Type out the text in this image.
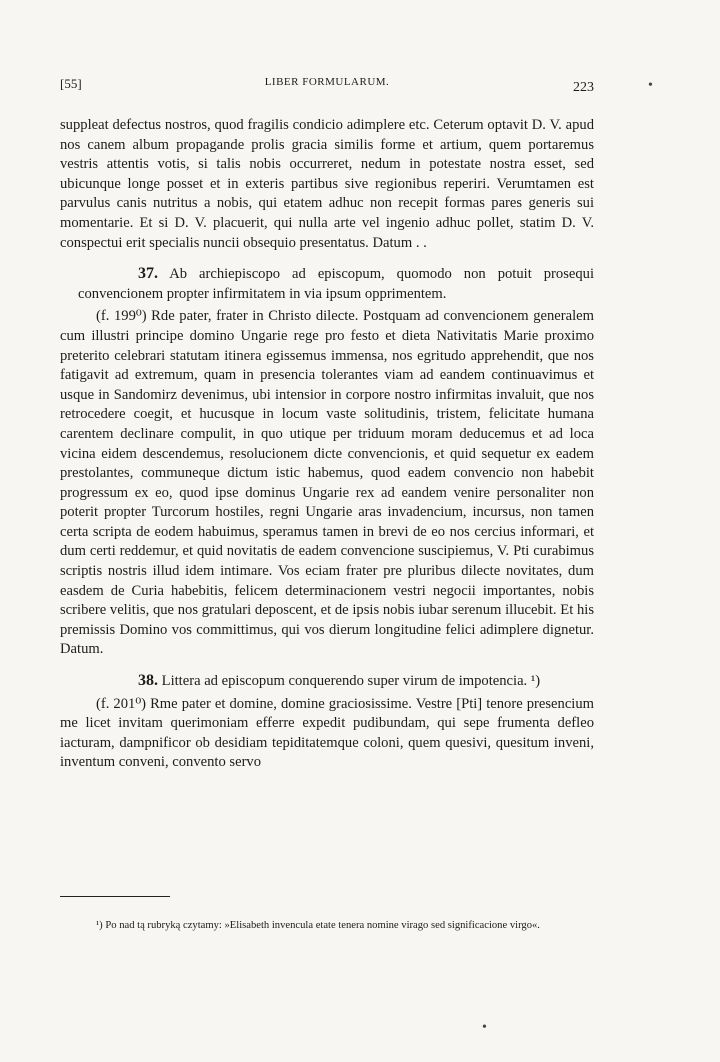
[55]	LIBER FORMULARUM.	223	•

suppleat defectus nostros, quod fragilis condicio adimplere etc. Ceterum optavit D. V. apud nos canem album propagande prolis gracia similis forme et artium, quem portaremus vestris attentis votis, si talis nobis occurreret, nedum in potestate nostra esset, sed ubicunque longe posset et in exteris partibus sive regionibus reperiri. Verumtamen est parvulus canis nutritus a nobis, qui etatem adhuc non recepit formas pares generis sui momentarie. Et si D. V. placuerit, qui nulla arte vel ingenio adhuc pollet, statim D. V. conspectui erit specialis nuncii obsequio presentatus. Datum . .

37. Ab archiepiscopo ad episcopum, quomodo non potuit prosequi convencionem propter infirmitatem in via ipsum opprimentem.

(f. 199⁰) Rde pater, frater in Christo dilecte. Postquam ad convencionem generalem cum illustri principe domino Ungarie rege pro festo et dieta Nativitatis Marie proximo preterito celebrari statutam itinera egissemus immensa, nos egritudo apprehendit, que nos fatigavit ad extremum, quam in presencia tolerantes viam ad eandem continuavimus et usque in Sandomirz devenimus, ubi intensior in corpore nostro infirmitas invaluit, que nos retrocedere coegit, et hucusque in locum vaste solitudinis, tristem, felicitate humana carentem declinare compulit, in quo utique per triduum moram deducemus et ad loca vicina eidem descendemus, resolucionem dicte convencionis, et quid sequetur ex eadem prestolantes, communeque dictum istic habemus, quod eadem convencio non habebit progressum ex eo, quod ipse dominus Ungarie rex ad eandem venire personaliter non poterit propter Turcorum hostiles, regni Ungarie aras invadencium, incursus, non tamen certa scripta de eodem habuimus, speramus tamen in brevi de eo nos cercius informari, et dum certi reddemur, et quid novitatis de eadem convencione suscipiemus, V. Pti curabimus scriptis nostris illud idem intimare. Vos eciam frater pre pluribus dilecte novitates, dum easdem de Curia habebitis, felicem determinacionem vestri negocii importantes, nobis scribere velitis, que nos gratulari deposcent, et de ipsis nobis iubar serenum illucebit. Et his premissis Domino vos committimus, qui vos dierum longitudine felici adimplere dignetur. Datum.

38. Littera ad episcopum conquerendo super virum de impotencia. ¹)

(f. 201⁰) Rme pater et domine, domine graciosissime. Vestre [Pti] tenore presencium me licet invitam querimoniam efferre expedit pudibundam, qui sepe frumenta defleo iacturam, dampnificor ob desidiam tepiditatemque coloni, quem quesivi, quesitum inveni, inventum conveni, convento servo

¹) Po nad tą rubryką czytamy: »Elisabeth invencula etate tenera nomine virago sed significacione virgo«.

•
